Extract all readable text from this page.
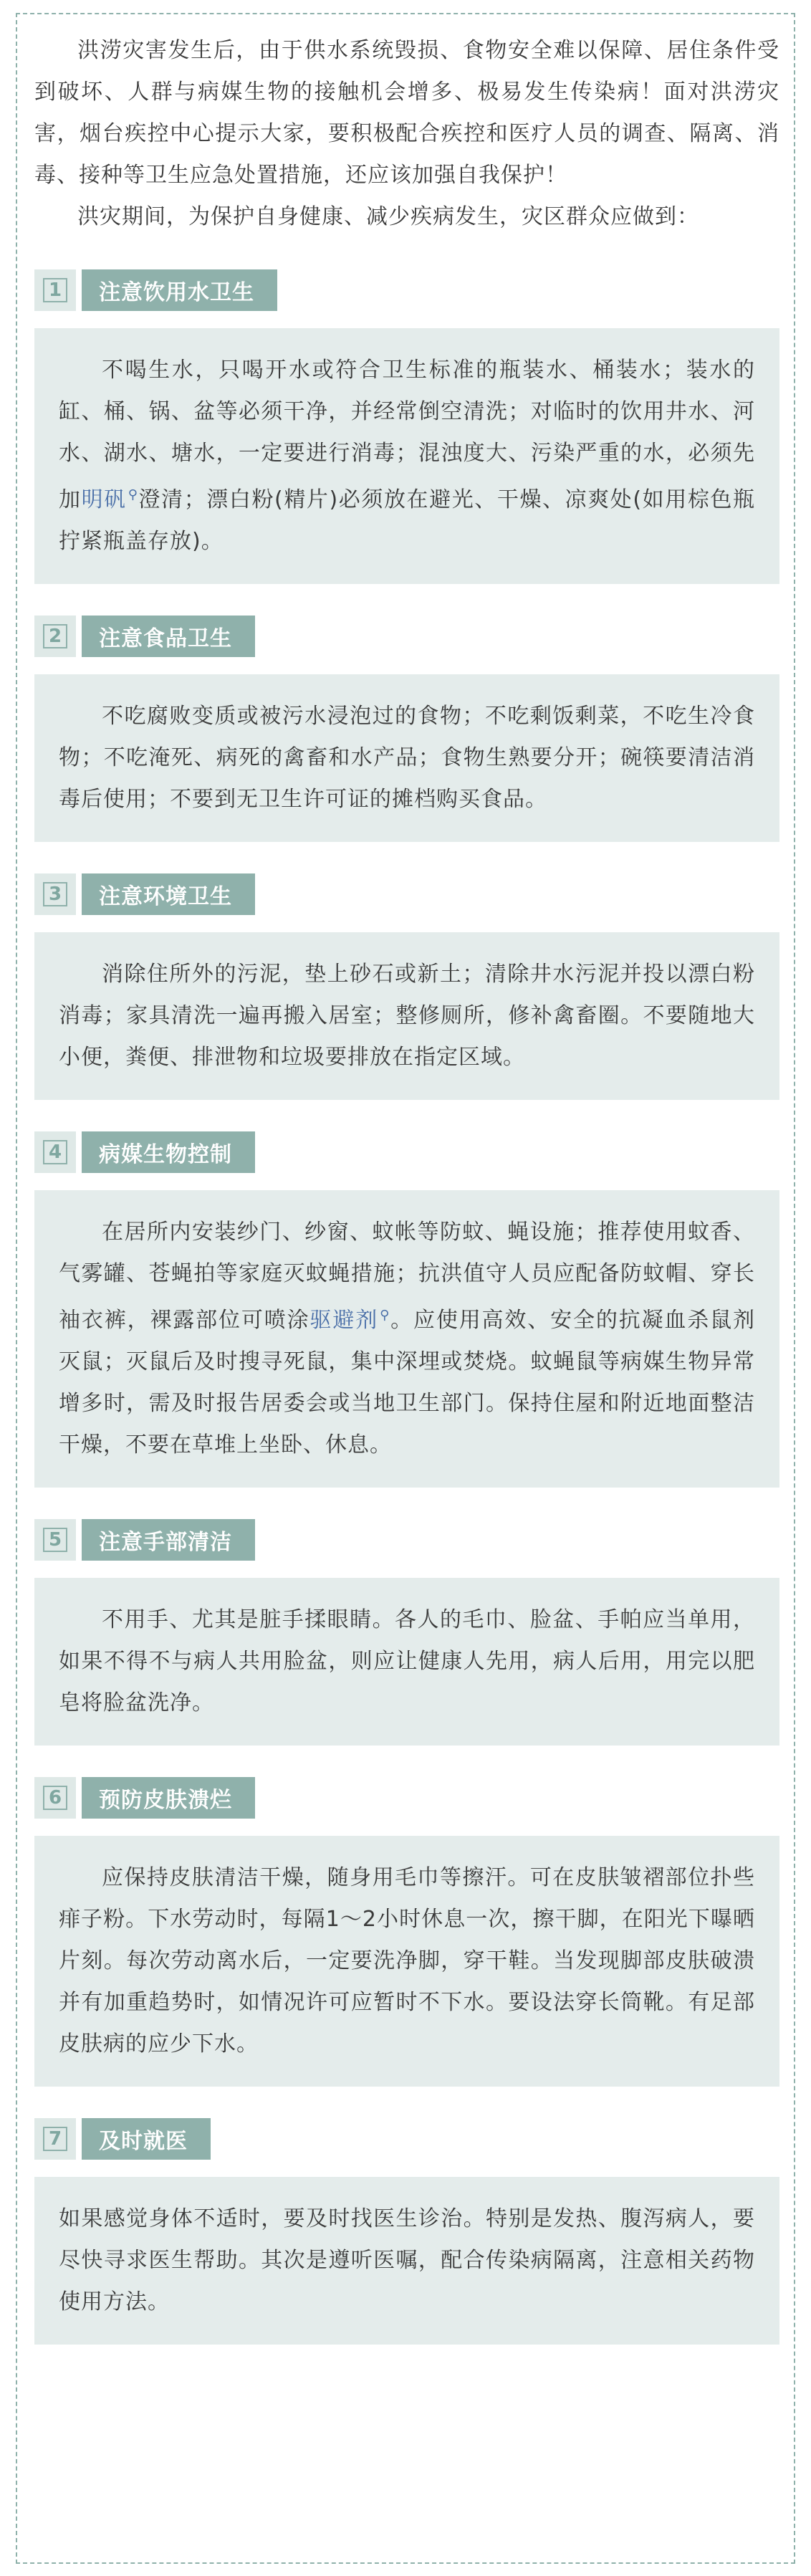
洪涝灾害发生后，由于供水系统毁损、食物安全难以保障、居住条件受到破坏、人群与病媒生物的接触机会增多、极易发生传染病！面对洪涝灾害，烟台疾控中心提示大家，要积极配合疾控和医疗人员的调查、隔离、消毒、接种等卫生应急处置措施，还应该加强自我保护！

洪灾期间，为保护自身健康、减少疾病发生，灾区群众应做到：

1	注意饮用水卫生

不喝生水，只喝开水或符合卫生标准的瓶装水、桶装水；装水的缸、桶、锅、盆等必须干净，并经常倒空清洗；对临时的饮用井水、河水、湖水、塘水，一定要进行消毒；混浊度大、污染严重的水，必须先加明矾 ⚲澄清；漂白粉(精片)必须放在避光、干燥、凉爽处(如用棕色瓶拧紧瓶盖存放)。

2	注意食品卫生

不吃腐败变质或被污水浸泡过的食物；不吃剩饭剩菜，不吃生冷食物；不吃淹死、病死的禽畜和水产品；食物生熟要分开；碗筷要清洁消毒后使用；不要到无卫生许可证的摊档购买食品。

3	注意环境卫生

消除住所外的污泥，垫上砂石或新土；清除井水污泥并投以漂白粉消毒；家具清洗一遍再搬入居室；整修厕所，修补禽畜圈。不要随地大小便，粪便、排泄物和垃圾要排放在指定区域。

4	病媒生物控制

在居所内安装纱门、纱窗、蚊帐等防蚊、蝇设施；推荐使用蚊香、气雾罐、苍蝇拍等家庭灭蚊蝇措施；抗洪值守人员应配备防蚊帽、穿长袖衣裤，裸露部位可喷涂驱避剂 ⚲。应使用高效、安全的抗凝血杀鼠剂灭鼠；灭鼠后及时搜寻死鼠，集中深埋或焚烧。蚊蝇鼠等病媒生物异常增多时，需及时报告居委会或当地卫生部门。保持住屋和附近地面整洁干燥，不要在草堆上坐卧、休息。

5	注意手部清洁

不用手、尤其是脏手揉眼睛。各人的毛巾、脸盆、手帕应当单用，如果不得不与病人共用脸盆，则应让健康人先用，病人后用，用完以肥皂将脸盆洗净。

6	预防皮肤溃烂

应保持皮肤清洁干燥，随身用毛巾等擦汗。可在皮肤皱褶部位扑些痱子粉。下水劳动时，每隔1～2小时休息一次，擦干脚，在阳光下曝晒片刻。每次劳动离水后，一定要洗净脚，穿干鞋。当发现脚部皮肤破溃并有加重趋势时，如情况许可应暂时不下水。要设法穿长筒靴。有足部皮肤病的应少下水。

7	及时就医

如果感觉身体不适时，要及时找医生诊治。特别是发热、腹泻病人，要尽快寻求医生帮助。其次是遵听医嘱，配合传染病隔离，注意相关药物使用方法。
